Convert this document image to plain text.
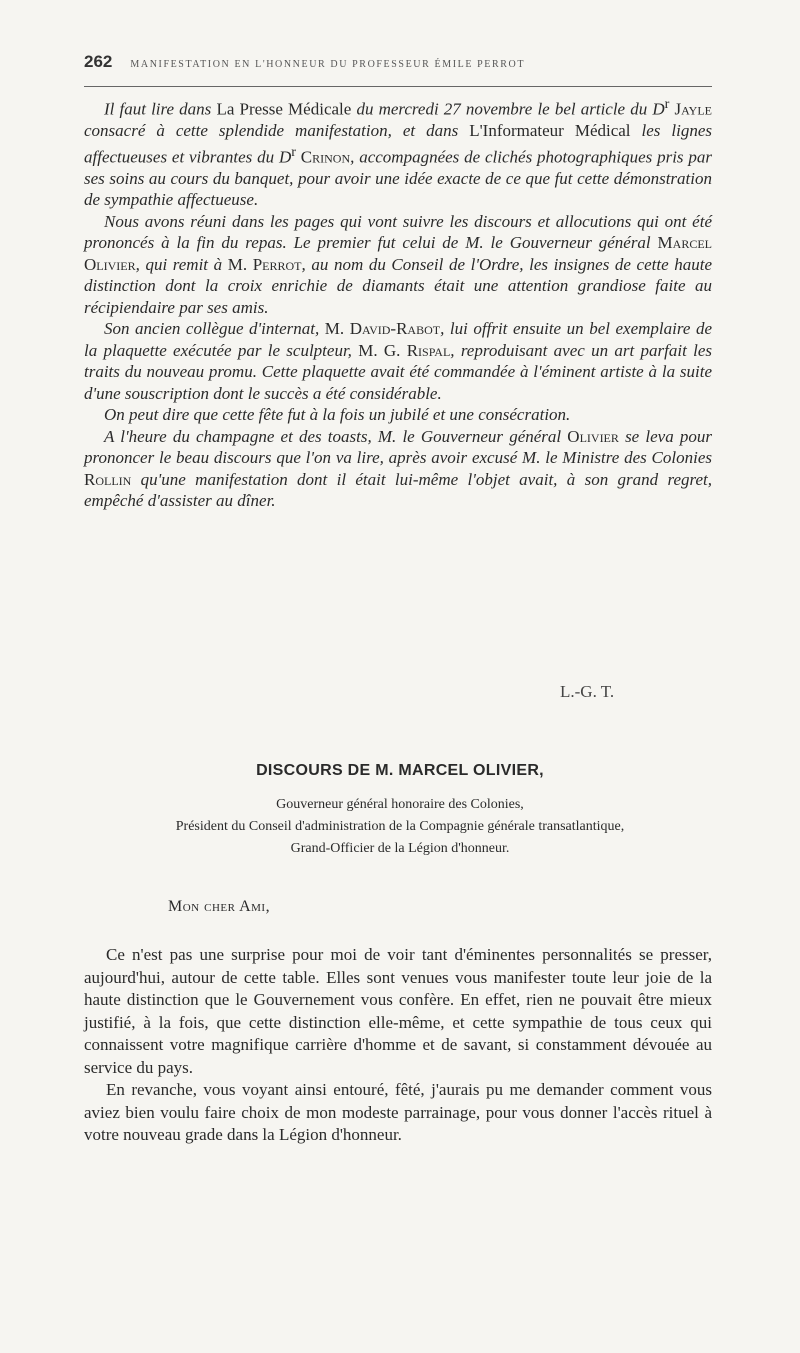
262 MANIFESTATION EN L'HONNEUR DU PROFESSEUR ÉMILE PERROT

Il faut lire dans La Presse Médicale du mercredi 27 novembre le bel article du $D^r$ Jayle consacré à cette splendide manifestation, et dans L'Informateur Médical les lignes affectueuses et vibrantes du $D^r$ Crinon, accompagnées de clichés photographiques pris par ses soins au cours du banquet, pour avoir une idée exacte de ce que fut cette démonstration de sympathie affectueuse.

Nous avons réuni dans les pages qui vont suivre les discours et allocutions qui ont été prononcés à la fin du repas. Le premier fut celui de M. le Gouverneur général Marcel Olivier, qui remit à M. Perrot, au nom du Conseil de l'Ordre, les insignes de cette haute distinction dont la croix enrichie de diamants était une attention grandiose faite au récipiendaire par ses amis.

Son ancien collègue d'internat, M. David-Rabot, lui offrit ensuite un bel exemplaire de la plaquette exécutée par le sculpteur, M. G. Rispal, reproduisant avec un art parfait les traits du nouveau promu. Cette plaquette avait été commandée à l'éminent artiste à la suite d'une souscription dont le succès a été considérable.

On peut dire que cette fête fut à la fois un jubilé et une consécration.

A l'heure du champagne et des toasts, M. le Gouverneur général Olivier se leva pour prononcer le beau discours que l'on va lire, après avoir excusé M. le Ministre des Colonies Rollin qu'une manifestation dont il était lui-même l'objet avait, à son grand regret, empêché d'assister au dîner.

L.-G. T.
DISCOURS DE M. MARCEL OLIVIER,
Gouverneur général honoraire des Colonies,
Président du Conseil d'administration de la Compagnie générale transatlantique,
Grand-Officier de la Légion d'honneur.
Mon cher Ami,

Ce n'est pas une surprise pour moi de voir tant d'éminentes personnalités se presser, aujourd'hui, autour de cette table. Elles sont venues vous manifester toute leur joie de la haute distinction que le Gouvernement vous confère. En effet, rien ne pouvait être mieux justifié, à la fois, que cette distinction elle-même, et cette sympathie de tous ceux qui connaissent votre magnifique carrière d'homme et de savant, si constamment dévouée au service du pays.

En revanche, vous voyant ainsi entouré, fêté, j'aurais pu me demander comment vous aviez bien voulu faire choix de mon modeste parrainage, pour vous donner l'accès rituel à votre nouveau grade dans la Légion d'honneur.
